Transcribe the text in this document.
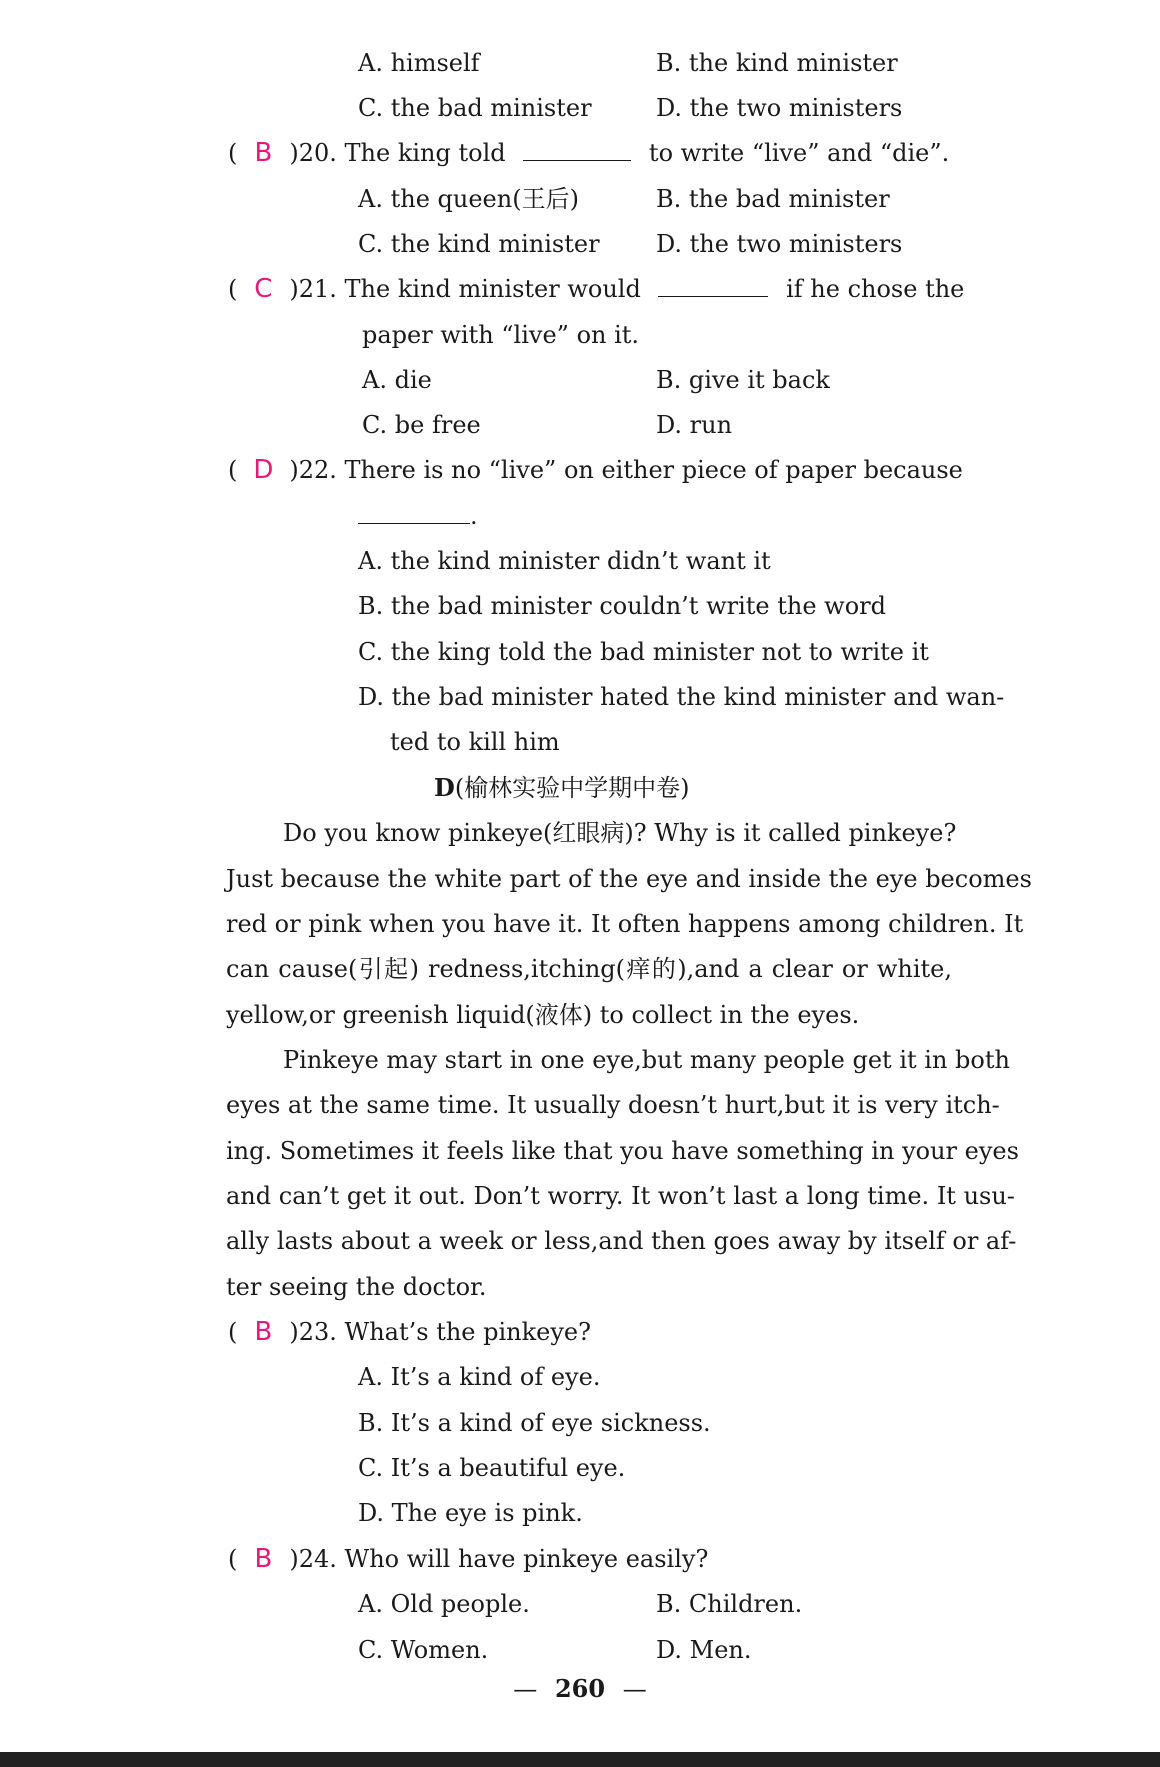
A. himself	B. the kind minister
C. the bad minister	D. the two ministers
( B )20. The king told	to write “live” and “die”.
A. the queen(王后)	B. the bad minister
C. the kind minister D. the two ministers
( C )21. The kind minister would	if he chose the
paper with “live” on it.
A. die	B. give it back
C. be free	D. run
( D )22. There is no “live” on either piece of paper because
.
A. the kind minister didn’t want it
B. the bad minister couldn’t write the word
C. the king told the bad minister not to write it
D. the bad minister hated the kind minister and wan-
ted to kill him
D(榆林实验中学期中卷)
Do you know pinkeye(红眼病)? Why is it called pinkeye?
Just because the white part of the eye and inside the eye becomes
red or pink when you have it. It often happens among children. It
can cause(引起) redness,itching(痒的),and a clear or white,
yellow,or greenish liquid(液体) to collect in the eyes.
Pinkeye may start in one eye,but many people get it in both
eyes at the same time. It usually doesn’t hurt,but it is very itch-
ing. Sometimes it feels like that you have something in your eyes
and can’t get it out. Don’t worry. It won’t last a long time. It usu-
ally lasts about a week or less,and then goes away by itself or af-
ter seeing the doctor.
( B )23. What’s the pinkeye?
A. It’s a kind of eye.
B. It’s a kind of eye sickness.
C. It’s a beautiful eye.
D. The eye is pink.
( B )24. Who will have pinkeye easily?
A. Old people.	B. Children.
C. Women.	D. Men.
— 260 —
